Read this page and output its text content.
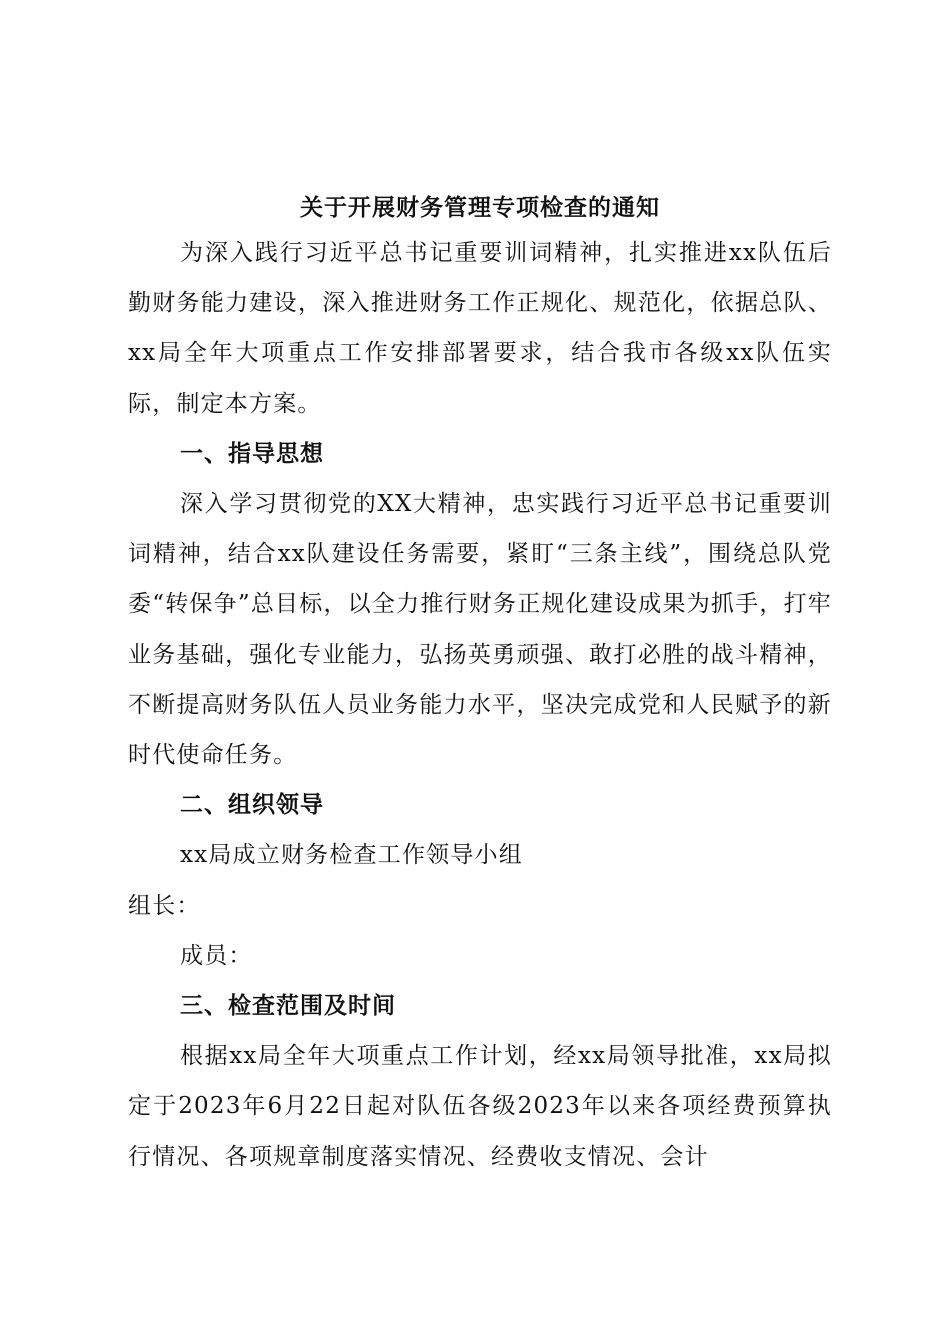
关于开展财务管理专项检查的通知

为深入践行习近平总书记重要训词精神，扎实推进xx队伍后勤财务能力建设，深入推进财务工作正规化、规范化，依据总队、xx局全年大项重点工作安排部署要求，结合我市各级xx队伍实际，制定本方案。

一、指导思想

深入学习贯彻党的XX大精神，忠实践行习近平总书记重要训词精神，结合xx队建设任务需要，紧盯“三条主线”，围绕总队党委“转保争”总目标，以全力推行财务正规化建设成果为抓手，打牢业务基础，强化专业能力，弘扬英勇顽强、敢打必胜的战斗精神，不断提高财务队伍人员业务能力水平，坚决完成党和人民赋予的新时代使命任务。

二、组织领导

xx局成立财务检查工作领导小组

组长：

成员：

三、检查范围及时间

根据xx局全年大项重点工作计划，经xx局领导批准，xx局拟定于2023年6月22日起对队伍各级2023年以来各项经费预算执行情况、各项规章制度落实情况、经费收支情况、会计
